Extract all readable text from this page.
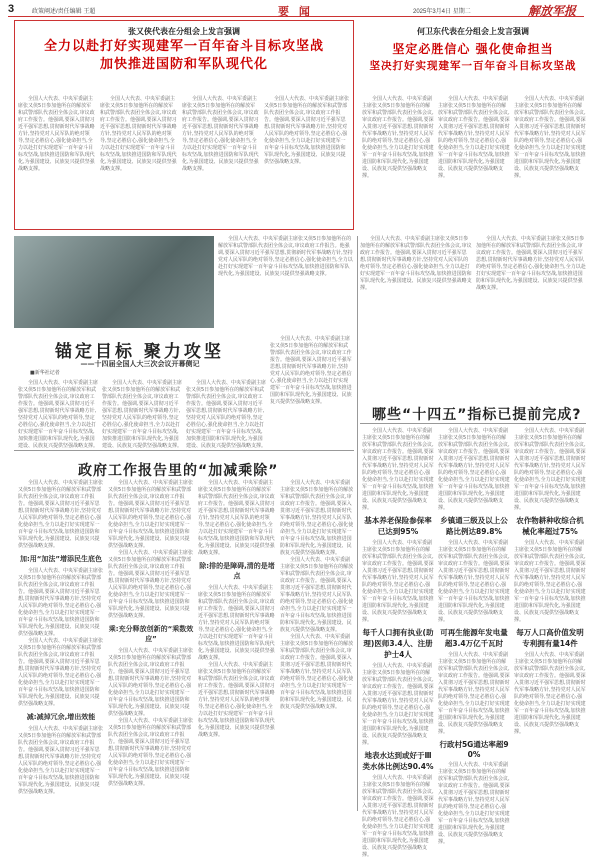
3	政策阐述/责任编辑 王超	要 闻	2025年3月4日 星期二	解放军报
张又侠代表在分组会上发言强调
全力以赴打好实现建军一百年奋斗目标攻坚战
加快推进国防和军队现代化

全国人大代表、中央军委副主席张又侠5日参加他所在的解放军和武警部队代表团全体会议,审议政府工作报告。他强调,要深入贯彻习近平强军思想,贯彻新时代军事战略方针,坚持党对人民军队的绝对领导,坚定必胜信心,强化使命担当,全力以赴打好实现建军一百年奋斗目标攻坚战,加快推进国防和军队现代化,为强国建设、民族复兴提供坚强战略支撑。

全国人大代表、中央军委副主席张又侠5日参加他所在的解放军和武警部队代表团全体会议,审议政府工作报告。他强调,要深入贯彻习近平强军思想,贯彻新时代军事战略方针,坚持党对人民军队的绝对领导,坚定必胜信心,强化使命担当,全力以赴打好实现建军一百年奋斗目标攻坚战,加快推进国防和军队现代化,为强国建设、民族复兴提供坚强战略支撑。

全国人大代表、中央军委副主席张又侠5日参加他所在的解放军和武警部队代表团全体会议,审议政府工作报告。他强调,要深入贯彻习近平强军思想,贯彻新时代军事战略方针,坚持党对人民军队的绝对领导,坚定必胜信心,强化使命担当,全力以赴打好实现建军一百年奋斗目标攻坚战,加快推进国防和军队现代化,为强国建设、民族复兴提供坚强战略支撑。

全国人大代表、中央军委副主席张又侠5日参加他所在的解放军和武警部队代表团全体会议,审议政府工作报告。他强调,要深入贯彻习近平强军思想,贯彻新时代军事战略方针,坚持党对人民军队的绝对领导,坚定必胜信心,强化使命担当,全力以赴打好实现建军一百年奋斗目标攻坚战,加快推进国防和军队现代化,为强国建设、民族复兴提供坚强战略支撑。

何卫东代表在分组会上发言强调
坚定必胜信心 强化使命担当
坚决打好实现建军一百年奋斗目标攻坚战

全国人大代表、中央军委副主席张又侠5日参加他所在的解放军和武警部队代表团全体会议,审议政府工作报告。他强调,要深入贯彻习近平强军思想,贯彻新时代军事战略方针,坚持党对人民军队的绝对领导,坚定必胜信心,强化使命担当,全力以赴打好实现建军一百年奋斗目标攻坚战,加快推进国防和军队现代化,为强国建设、民族复兴提供坚强战略支撑。

全国人大代表、中央军委副主席张又侠5日参加他所在的解放军和武警部队代表团全体会议,审议政府工作报告。他强调,要深入贯彻习近平强军思想,贯彻新时代军事战略方针,坚持党对人民军队的绝对领导,坚定必胜信心,强化使命担当,全力以赴打好实现建军一百年奋斗目标攻坚战,加快推进国防和军队现代化,为强国建设、民族复兴提供坚强战略支撑。

全国人大代表、中央军委副主席张又侠5日参加他所在的解放军和武警部队代表团全体会议,审议政府工作报告。他强调,要深入贯彻习近平强军思想,贯彻新时代军事战略方针,坚持党对人民军队的绝对领导,坚定必胜信心,强化使命担当,全力以赴打好实现建军一百年奋斗目标攻坚战,加快推进国防和军队现代化,为强国建设、民族复兴提供坚强战略支撑。

全国人大代表、中央军委副主席张又侠5日参加他所在的解放军和武警部队代表团全体会议,审议政府工作报告。他强调,要深入贯彻习近平强军思想,贯彻新时代军事战略方针,坚持党对人民军队的绝对领导,坚定必胜信心,强化使命担当,全力以赴打好实现建军一百年奋斗目标攻坚战,加快推进国防和军队现代化,为强国建设、民族复兴提供坚强战略支撑。

锚定目标 聚力攻坚
——十四届全国人大三次会议开幕侧记
■新华社记者

全国人大代表、中央军委副主席张又侠5日参加他所在的解放军和武警部队代表团全体会议,审议政府工作报告。他强调,要深入贯彻习近平强军思想,贯彻新时代军事战略方针,坚持党对人民军队的绝对领导,坚定必胜信心,强化使命担当,全力以赴打好实现建军一百年奋斗目标攻坚战,加快推进国防和军队现代化,为强国建设、民族复兴提供坚强战略支撑。

全国人大代表、中央军委副主席张又侠5日参加他所在的解放军和武警部队代表团全体会议,审议政府工作报告。他强调,要深入贯彻习近平强军思想,贯彻新时代军事战略方针,坚持党对人民军队的绝对领导,坚定必胜信心,强化使命担当,全力以赴打好实现建军一百年奋斗目标攻坚战,加快推进国防和军队现代化,为强国建设、民族复兴提供坚强战略支撑。

全国人大代表、中央军委副主席张又侠5日参加他所在的解放军和武警部队代表团全体会议,审议政府工作报告。他强调,要深入贯彻习近平强军思想,贯彻新时代军事战略方针,坚持党对人民军队的绝对领导,坚定必胜信心,强化使命担当,全力以赴打好实现建军一百年奋斗目标攻坚战,加快推进国防和军队现代化,为强国建设、民族复兴提供坚强战略支撑。

全国人大代表、中央军委副主席张又侠5日参加他所在的解放军和武警部队代表团全体会议,审议政府工作报告。他强调,要深入贯彻习近平强军思想,贯彻新时代军事战略方针,坚持党对人民军队的绝对领导,坚定必胜信心,强化使命担当,全力以赴打好实现建军一百年奋斗目标攻坚战,加快推进国防和军队现代化,为强国建设、民族复兴提供坚强战略支撑。

全国人大代表、中央军委副主席张又侠5日参加他所在的解放军和武警部队代表团全体会议,审议政府工作报告。他强调,要深入贯彻习近平强军思想,贯彻新时代军事战略方针,坚持党对人民军队的绝对领导,坚定必胜信心,强化使命担当,全力以赴打好实现建军一百年奋斗目标攻坚战,加快推进国防和军队现代化,为强国建设、民族复兴提供坚强战略支撑。

全国人大代表、中央军委副主席张又侠5日参加他所在的解放军和武警部队代表团全体会议,审议政府工作报告。他强调,要深入贯彻习近平强军思想,贯彻新时代军事战略方针,坚持党对人民军队的绝对领导,坚定必胜信心,强化使命担当,全力以赴打好实现建军一百年奋斗目标攻坚战,加快推进国防和军队现代化,为强国建设、民族复兴提供坚强战略支撑。

哪些“十四五”指标已提前完成?
政府工作报告里的“加减乘除”

全国人大代表、中央军委副主席张又侠5日参加他所在的解放军和武警部队代表团全体会议,审议政府工作报告。他强调,要深入贯彻习近平强军思想,贯彻新时代军事战略方针,坚持党对人民军队的绝对领导,坚定必胜信心,强化使命担当,全力以赴打好实现建军一百年奋斗目标攻坚战,加快推进国防和军队现代化,为强国建设、民族复兴提供坚强战略支撑。

加:用“加法”增添民生底色

全国人大代表、中央军委副主席张又侠5日参加他所在的解放军和武警部队代表团全体会议,审议政府工作报告。他强调,要深入贯彻习近平强军思想,贯彻新时代军事战略方针,坚持党对人民军队的绝对领导,坚定必胜信心,强化使命担当,全力以赴打好实现建军一百年奋斗目标攻坚战,加快推进国防和军队现代化,为强国建设、民族复兴提供坚强战略支撑。

全国人大代表、中央军委副主席张又侠5日参加他所在的解放军和武警部队代表团全体会议,审议政府工作报告。他强调,要深入贯彻习近平强军思想,贯彻新时代军事战略方针,坚持党对人民军队的绝对领导,坚定必胜信心,强化使命担当,全力以赴打好实现建军一百年奋斗目标攻坚战,加快推进国防和军队现代化,为强国建设、民族复兴提供坚强战略支撑。

减:减掉冗余,增出效能

全国人大代表、中央军委副主席张又侠5日参加他所在的解放军和武警部队代表团全体会议,审议政府工作报告。他强调,要深入贯彻习近平强军思想,贯彻新时代军事战略方针,坚持党对人民军队的绝对领导,坚定必胜信心,强化使命担当,全力以赴打好实现建军一百年奋斗目标攻坚战,加快推进国防和军队现代化,为强国建设、民族复兴提供坚强战略支撑。

全国人大代表、中央军委副主席张又侠5日参加他所在的解放军和武警部队代表团全体会议,审议政府工作报告。他强调,要深入贯彻习近平强军思想,贯彻新时代军事战略方针,坚持党对人民军队的绝对领导,坚定必胜信心,强化使命担当,全力以赴打好实现建军一百年奋斗目标攻坚战,加快推进国防和军队现代化,为强国建设、民族复兴提供坚强战略支撑。

全国人大代表、中央军委副主席张又侠5日参加他所在的解放军和武警部队代表团全体会议,审议政府工作报告。他强调,要深入贯彻习近平强军思想,贯彻新时代军事战略方针,坚持党对人民军队的绝对领导,坚定必胜信心,强化使命担当,全力以赴打好实现建军一百年奋斗目标攻坚战,加快推进国防和军队现代化,为强国建设、民族复兴提供坚强战略支撑。

乘:充分释放创新的“乘数效应”

全国人大代表、中央军委副主席张又侠5日参加他所在的解放军和武警部队代表团全体会议,审议政府工作报告。他强调,要深入贯彻习近平强军思想,贯彻新时代军事战略方针,坚持党对人民军队的绝对领导,坚定必胜信心,强化使命担当,全力以赴打好实现建军一百年奋斗目标攻坚战,加快推进国防和军队现代化,为强国建设、民族复兴提供坚强战略支撑。

全国人大代表、中央军委副主席张又侠5日参加他所在的解放军和武警部队代表团全体会议,审议政府工作报告。他强调,要深入贯彻习近平强军思想,贯彻新时代军事战略方针,坚持党对人民军队的绝对领导,坚定必胜信心,强化使命担当,全力以赴打好实现建军一百年奋斗目标攻坚战,加快推进国防和军队现代化,为强国建设、民族复兴提供坚强战略支撑。

全国人大代表、中央军委副主席张又侠5日参加他所在的解放军和武警部队代表团全体会议,审议政府工作报告。他强调,要深入贯彻习近平强军思想,贯彻新时代军事战略方针,坚持党对人民军队的绝对领导,坚定必胜信心,强化使命担当,全力以赴打好实现建军一百年奋斗目标攻坚战,加快推进国防和军队现代化,为强国建设、民族复兴提供坚强战略支撑。

除:排的是障碍,清的是堵点

全国人大代表、中央军委副主席张又侠5日参加他所在的解放军和武警部队代表团全体会议,审议政府工作报告。他强调,要深入贯彻习近平强军思想,贯彻新时代军事战略方针,坚持党对人民军队的绝对领导,坚定必胜信心,强化使命担当,全力以赴打好实现建军一百年奋斗目标攻坚战,加快推进国防和军队现代化,为强国建设、民族复兴提供坚强战略支撑。

全国人大代表、中央军委副主席张又侠5日参加他所在的解放军和武警部队代表团全体会议,审议政府工作报告。他强调,要深入贯彻习近平强军思想,贯彻新时代军事战略方针,坚持党对人民军队的绝对领导,坚定必胜信心,强化使命担当,全力以赴打好实现建军一百年奋斗目标攻坚战,加快推进国防和军队现代化,为强国建设、民族复兴提供坚强战略支撑。

全国人大代表、中央军委副主席张又侠5日参加他所在的解放军和武警部队代表团全体会议,审议政府工作报告。他强调,要深入贯彻习近平强军思想,贯彻新时代军事战略方针,坚持党对人民军队的绝对领导,坚定必胜信心,强化使命担当,全力以赴打好实现建军一百年奋斗目标攻坚战,加快推进国防和军队现代化,为强国建设、民族复兴提供坚强战略支撑。

全国人大代表、中央军委副主席张又侠5日参加他所在的解放军和武警部队代表团全体会议,审议政府工作报告。他强调,要深入贯彻习近平强军思想,贯彻新时代军事战略方针,坚持党对人民军队的绝对领导,坚定必胜信心,强化使命担当,全力以赴打好实现建军一百年奋斗目标攻坚战,加快推进国防和军队现代化,为强国建设、民族复兴提供坚强战略支撑。

全国人大代表、中央军委副主席张又侠5日参加他所在的解放军和武警部队代表团全体会议,审议政府工作报告。他强调,要深入贯彻习近平强军思想,贯彻新时代军事战略方针,坚持党对人民军队的绝对领导,坚定必胜信心,强化使命担当,全力以赴打好实现建军一百年奋斗目标攻坚战,加快推进国防和军队现代化,为强国建设、民族复兴提供坚强战略支撑。

全国人大代表、中央军委副主席张又侠5日参加他所在的解放军和武警部队代表团全体会议,审议政府工作报告。他强调,要深入贯彻习近平强军思想,贯彻新时代军事战略方针,坚持党对人民军队的绝对领导,坚定必胜信心,强化使命担当,全力以赴打好实现建军一百年奋斗目标攻坚战,加快推进国防和军队现代化,为强国建设、民族复兴提供坚强战略支撑。

基本养老保险参保率已达到95%

全国人大代表、中央军委副主席张又侠5日参加他所在的解放军和武警部队代表团全体会议,审议政府工作报告。他强调,要深入贯彻习近平强军思想,贯彻新时代军事战略方针,坚持党对人民军队的绝对领导,坚定必胜信心,强化使命担当,全力以赴打好实现建军一百年奋斗目标攻坚战,加快推进国防和军队现代化,为强国建设、民族复兴提供坚强战略支撑。

每千人口拥有执业(助理)医师3.4人、注册护士4人

全国人大代表、中央军委副主席张又侠5日参加他所在的解放军和武警部队代表团全体会议,审议政府工作报告。他强调,要深入贯彻习近平强军思想,贯彻新时代军事战略方针,坚持党对人民军队的绝对领导,坚定必胜信心,强化使命担当,全力以赴打好实现建军一百年奋斗目标攻坚战,加快推进国防和军队现代化,为强国建设、民族复兴提供坚强战略支撑。

地表水达到或好于Ⅲ类水体比例达90.4%

全国人大代表、中央军委副主席张又侠5日参加他所在的解放军和武警部队代表团全体会议,审议政府工作报告。他强调,要深入贯彻习近平强军思想,贯彻新时代军事战略方针,坚持党对人民军队的绝对领导,坚定必胜信心,强化使命担当,全力以赴打好实现建军一百年奋斗目标攻坚战,加快推进国防和军队现代化,为强国建设、民族复兴提供坚强战略支撑。

全国人大代表、中央军委副主席张又侠5日参加他所在的解放军和武警部队代表团全体会议,审议政府工作报告。他强调,要深入贯彻习近平强军思想,贯彻新时代军事战略方针,坚持党对人民军队的绝对领导,坚定必胜信心,强化使命担当,全力以赴打好实现建军一百年奋斗目标攻坚战,加快推进国防和军队现代化,为强国建设、民族复兴提供坚强战略支撑。

乡镇通三级及以上公路比例达89.8%

全国人大代表、中央军委副主席张又侠5日参加他所在的解放军和武警部队代表团全体会议,审议政府工作报告。他强调,要深入贯彻习近平强军思想,贯彻新时代军事战略方针,坚持党对人民军队的绝对领导,坚定必胜信心,强化使命担当,全力以赴打好实现建军一百年奋斗目标攻坚战,加快推进国防和军队现代化,为强国建设、民族复兴提供坚强战略支撑。

可再生能源年发电量超3.4万亿千瓦时

全国人大代表、中央军委副主席张又侠5日参加他所在的解放军和武警部队代表团全体会议,审议政府工作报告。他强调,要深入贯彻习近平强军思想,贯彻新时代军事战略方针,坚持党对人民军队的绝对领导,坚定必胜信心,强化使命担当,全力以赴打好实现建军一百年奋斗目标攻坚战,加快推进国防和军队现代化,为强国建设、民族复兴提供坚强战略支撑。

行政村5G通达率超90%

全国人大代表、中央军委副主席张又侠5日参加他所在的解放军和武警部队代表团全体会议,审议政府工作报告。他强调,要深入贯彻习近平强军思想,贯彻新时代军事战略方针,坚持党对人民军队的绝对领导,坚定必胜信心,强化使命担当,全力以赴打好实现建军一百年奋斗目标攻坚战,加快推进国防和军队现代化,为强国建设、民族复兴提供坚强战略支撑。

全国人大代表、中央军委副主席张又侠5日参加他所在的解放军和武警部队代表团全体会议,审议政府工作报告。他强调,要深入贯彻习近平强军思想,贯彻新时代军事战略方针,坚持党对人民军队的绝对领导,坚定必胜信心,强化使命担当,全力以赴打好实现建军一百年奋斗目标攻坚战,加快推进国防和军队现代化,为强国建设、民族复兴提供坚强战略支撑。

农作物耕种收综合机械化率超过75%

全国人大代表、中央军委副主席张又侠5日参加他所在的解放军和武警部队代表团全体会议,审议政府工作报告。他强调,要深入贯彻习近平强军思想,贯彻新时代军事战略方针,坚持党对人民军队的绝对领导,坚定必胜信心,强化使命担当,全力以赴打好实现建军一百年奋斗目标攻坚战,加快推进国防和军队现代化,为强国建设、民族复兴提供坚强战略支撑。

每万人口高价值发明专利拥有量14件

全国人大代表、中央军委副主席张又侠5日参加他所在的解放军和武警部队代表团全体会议,审议政府工作报告。他强调,要深入贯彻习近平强军思想,贯彻新时代军事战略方针,坚持党对人民军队的绝对领导,坚定必胜信心,强化使命担当,全力以赴打好实现建军一百年奋斗目标攻坚战,加快推进国防和军队现代化,为强国建设、民族复兴提供坚强战略支撑。
